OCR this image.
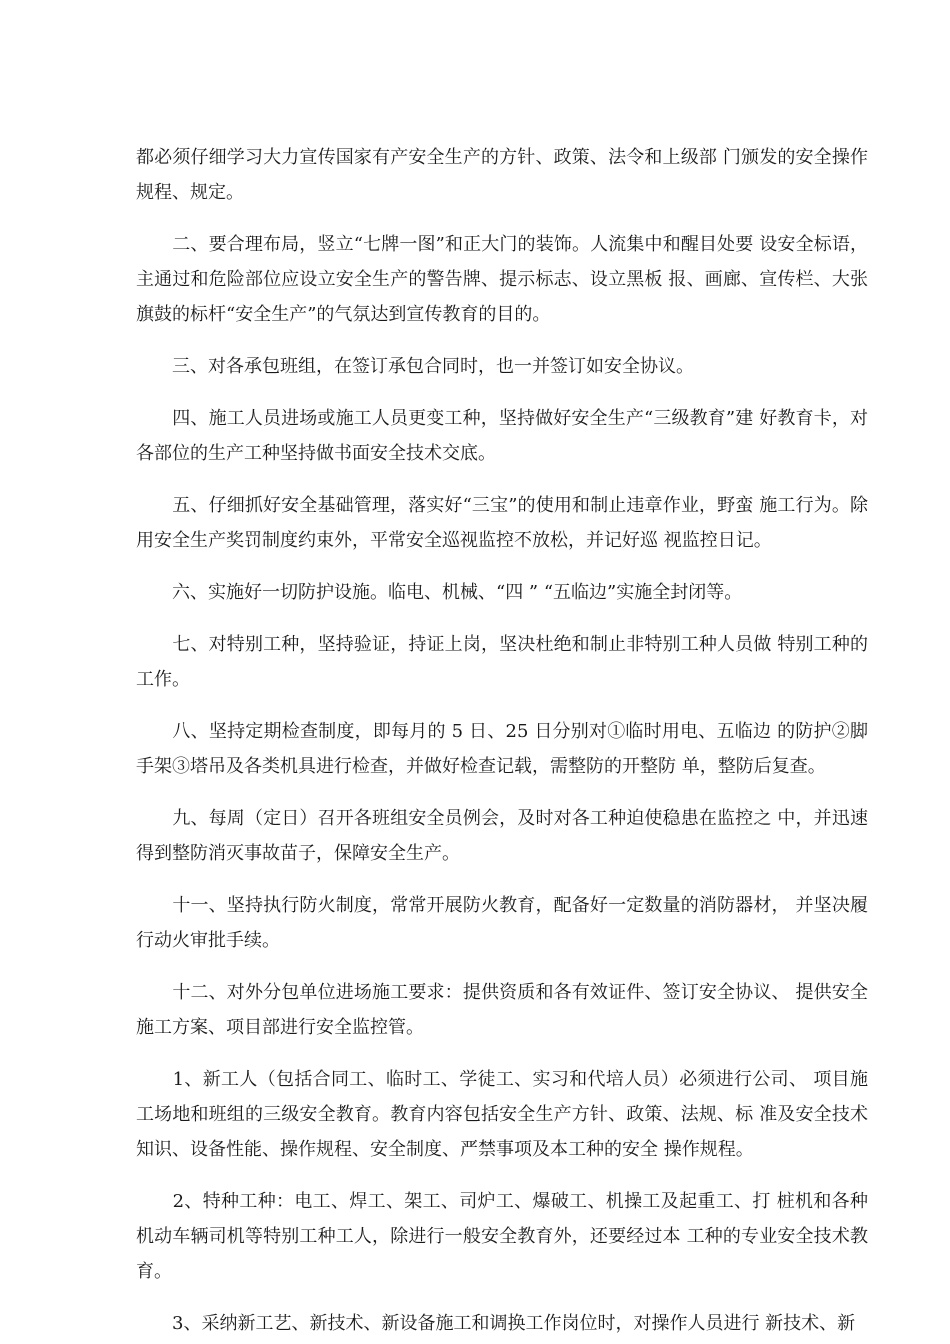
都必须仔细学习大力宣传国家有产安全生产的方针、政策、法令和上级部 门颁发的安全操作规程、规定。

　　二、要合理布局，竖立“七牌一图”和正大门的装饰。人流集中和醒目处要 设安全标语，主通过和危险部位应设立安全生产的警告牌、提示标志、设立黑板 报、画廊、宣传栏、大张旗鼓的标杆“安全生产”的气氛达到宣传教育的目的。

　　三、对各承包班组，在签订承包合同时，也一并签订如安全协议。

　　四、施工人员进场或施工人员更变工种，坚持做好安全生产“三级教育”建 好教育卡，对各部位的生产工种坚持做书面安全技术交底。

　　五、仔细抓好安全基础管理，落实好“三宝”的使用和制止违章作业，野蛮 施工行为。除用安全生产奖罚制度约束外，平常安全巡视监控不放松，并记好巡 视监控日记。

　　六、实施好一切防护设施。临电、机械、“四 ” “五临边”实施全封闭等。

　　七、对特别工种，坚持验证，持证上岗，坚决杜绝和制止非特别工种人员做 特别工种的工作。

　　八、坚持定期检查制度，即每月的 5 日、25 日分别对①临时用电、五临边 的防护②脚手架③塔吊及各类机具进行检查，并做好检查记载，需整防的开整防 单，整防后复查。

　　九、每周（定日）召开各班组安全员例会，及时对各工种迫使稳患在监控之 中，并迅速得到整防消灭事故苗子，保障安全生产。

　　十一、坚持执行防火制度，常常开展防火教育，配备好一定数量的消防器材， 并坚决履行动火审批手续。

　　十二、对外分包单位进场施工要求：提供资质和各有效证件、签订安全协议、 提供安全施工方案、项目部进行安全监控管。

　　1、新工人（包括合同工、临时工、学徒工、实习和代培人员）必须进行公司、 项目施工场地和班组的三级安全教育。教育内容包括安全生产方针、政策、法规、标 准及安全技术知识、设备性能、操作规程、安全制度、严禁事项及本工种的安全 操作规程。

　　2、特种工种：电工、焊工、架工、司炉工、爆破工、机操工及起重工、打 桩机和各种机动车辆司机等特别工种工人，除进行一般安全教育外，还要经过本 工种的专业安全技术教育。

　　3、采纳新工艺、新技术、新设备施工和调换工作岗位时，对操作人员进行 新技术、新
